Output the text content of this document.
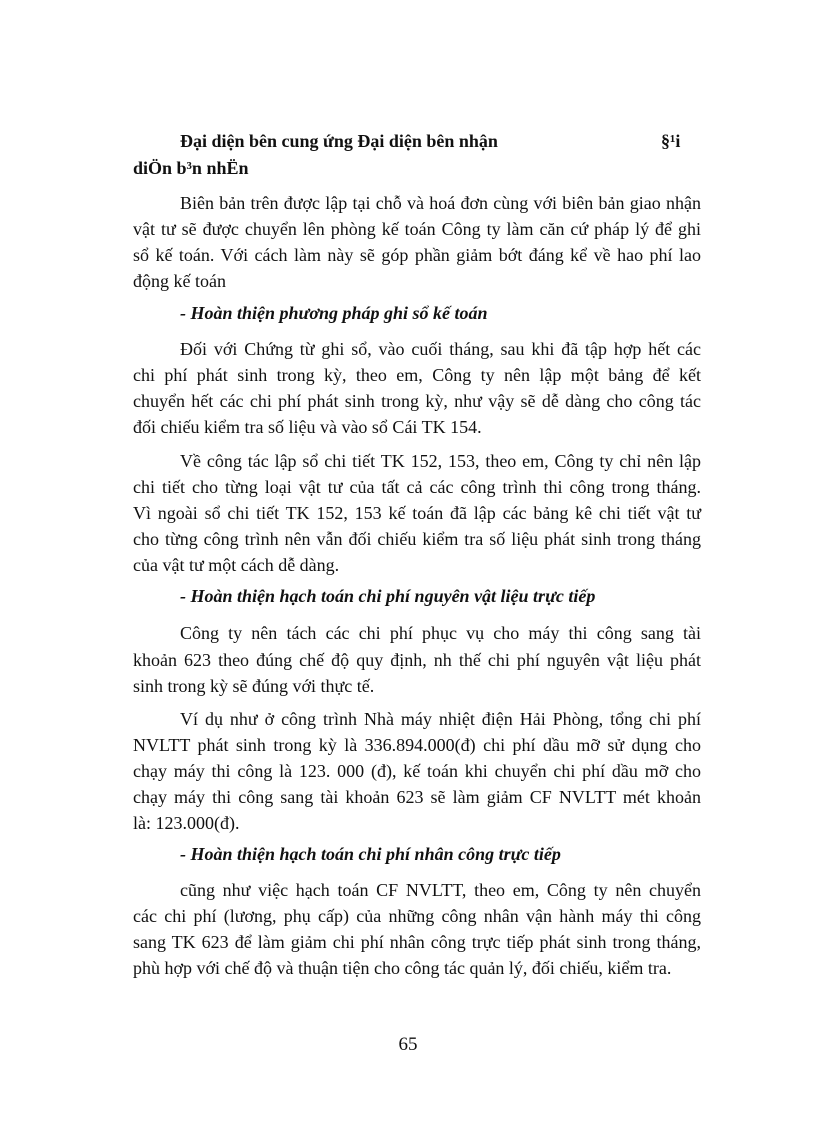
Đại diện bên cung ứng Đại diện bên nhận	§¹i
diÖn b³n nhËn
Biên bản trên được lập tại chỗ và hoá đơn cùng với biên bản giao nhận
vật tư sẽ được chuyển lên phòng kế toán Công ty làm căn cứ pháp lý để ghi
sổ kế toán. Với cách làm này sẽ góp phần giảm bớt đáng kể về hao phí lao
động kế toán
- Hoàn thiện phương pháp ghi sổ kế toán
Đối với Chứng từ ghi sổ, vào cuối tháng, sau khi đã tập hợp hết các
chi phí phát sinh trong kỳ, theo em, Công ty nên lập một bảng để kết
chuyển hết các chi phí phát sinh trong kỳ, như vậy sẽ dễ dàng cho công tác
đối chiếu kiểm tra số liệu và vào sổ Cái TK 154.
Về công tác lập sổ chi tiết TK 152, 153, theo em, Công ty chỉ nên lập
chi tiết cho từng loại vật tư của tất cả các công trình thi công trong tháng.
Vì ngoài sổ chi tiết TK 152, 153 kế toán đã lập các bảng kê chi tiết vật tư
cho từng công trình nên vẫn đối chiếu kiểm tra số liệu phát sinh trong tháng
của vật tư một cách dễ dàng.
- Hoàn thiện hạch toán chi phí nguyên vật liệu trực tiếp
Công ty nên tách các chi phí phục vụ cho máy thi công sang tài
khoản 623 theo đúng chế độ quy định, nh thế chi phí nguyên vật liệu phát
sinh trong kỳ sẽ đúng với thực tế.
Ví dụ như ở công trình Nhà máy nhiệt điện Hải Phòng, tổng chi phí
NVLTT phát sinh trong kỳ là 336.894.000(đ) chi phí dầu mỡ sử dụng cho
chạy máy thi công là 123. 000 (đ), kế toán khi chuyển chi phí dầu mỡ cho
chạy máy thi công sang tài khoản 623 sẽ làm giảm CF NVLTT mét khoản
là: 123.000(đ).
- Hoàn thiện hạch toán chi phí nhân công trực tiếp
cũng như việc hạch toán CF NVLTT, theo em, Công ty nên chuyển
các chi phí (lương, phụ cấp) của những công nhân vận hành máy thi công
sang TK 623 để làm giảm chi phí nhân công trực tiếp phát sinh trong tháng,
phù hợp với chế độ và thuận tiện cho công tác quản lý, đối chiếu, kiểm tra.
65
